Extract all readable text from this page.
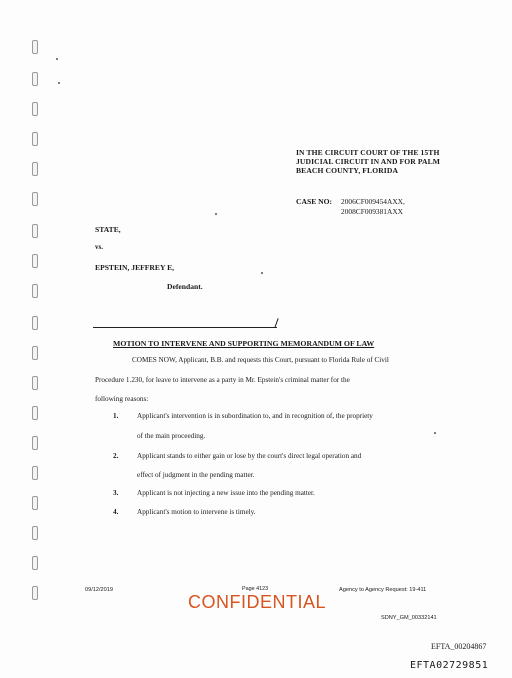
IN THE CIRCUIT COURT OF THE 15TH JUDICIAL CIRCUIT IN AND FOR PALM BEACH COUNTY, FLORIDA
CASE NO: 2006CF009454AXX,
2008CF009381AXX
STATE,
vs.
EPSTEIN, JEFFREY E,
Defendant.
MOTION TO INTERVENE AND SUPPORTING MEMORANDUM OF LAW
COMES NOW, Applicant, B.B. and requests this Court, pursuant to Florida Rule of Civil
Procedure 1.230, for leave to intervene as a party in Mr. Epstein's criminal matter for the
following reasons:
1.	Applicant's intervention is in subordination to, and in recognition of, the propriety
of the main proceeding.
2.	Applicant stands to either gain or lose by the court's direct legal operation and
effect of judgment in the pending matter.
3.	Applicant is not injecting a new issue into the pending matter.
4.	Applicant's motion to intervene is timely.
09/12/2019	Page 4123	Agency to Agency Request: 19-411
CONFIDENTIAL
SDNY_GM_00332141
EFTA_00204867
EFTA02729851
